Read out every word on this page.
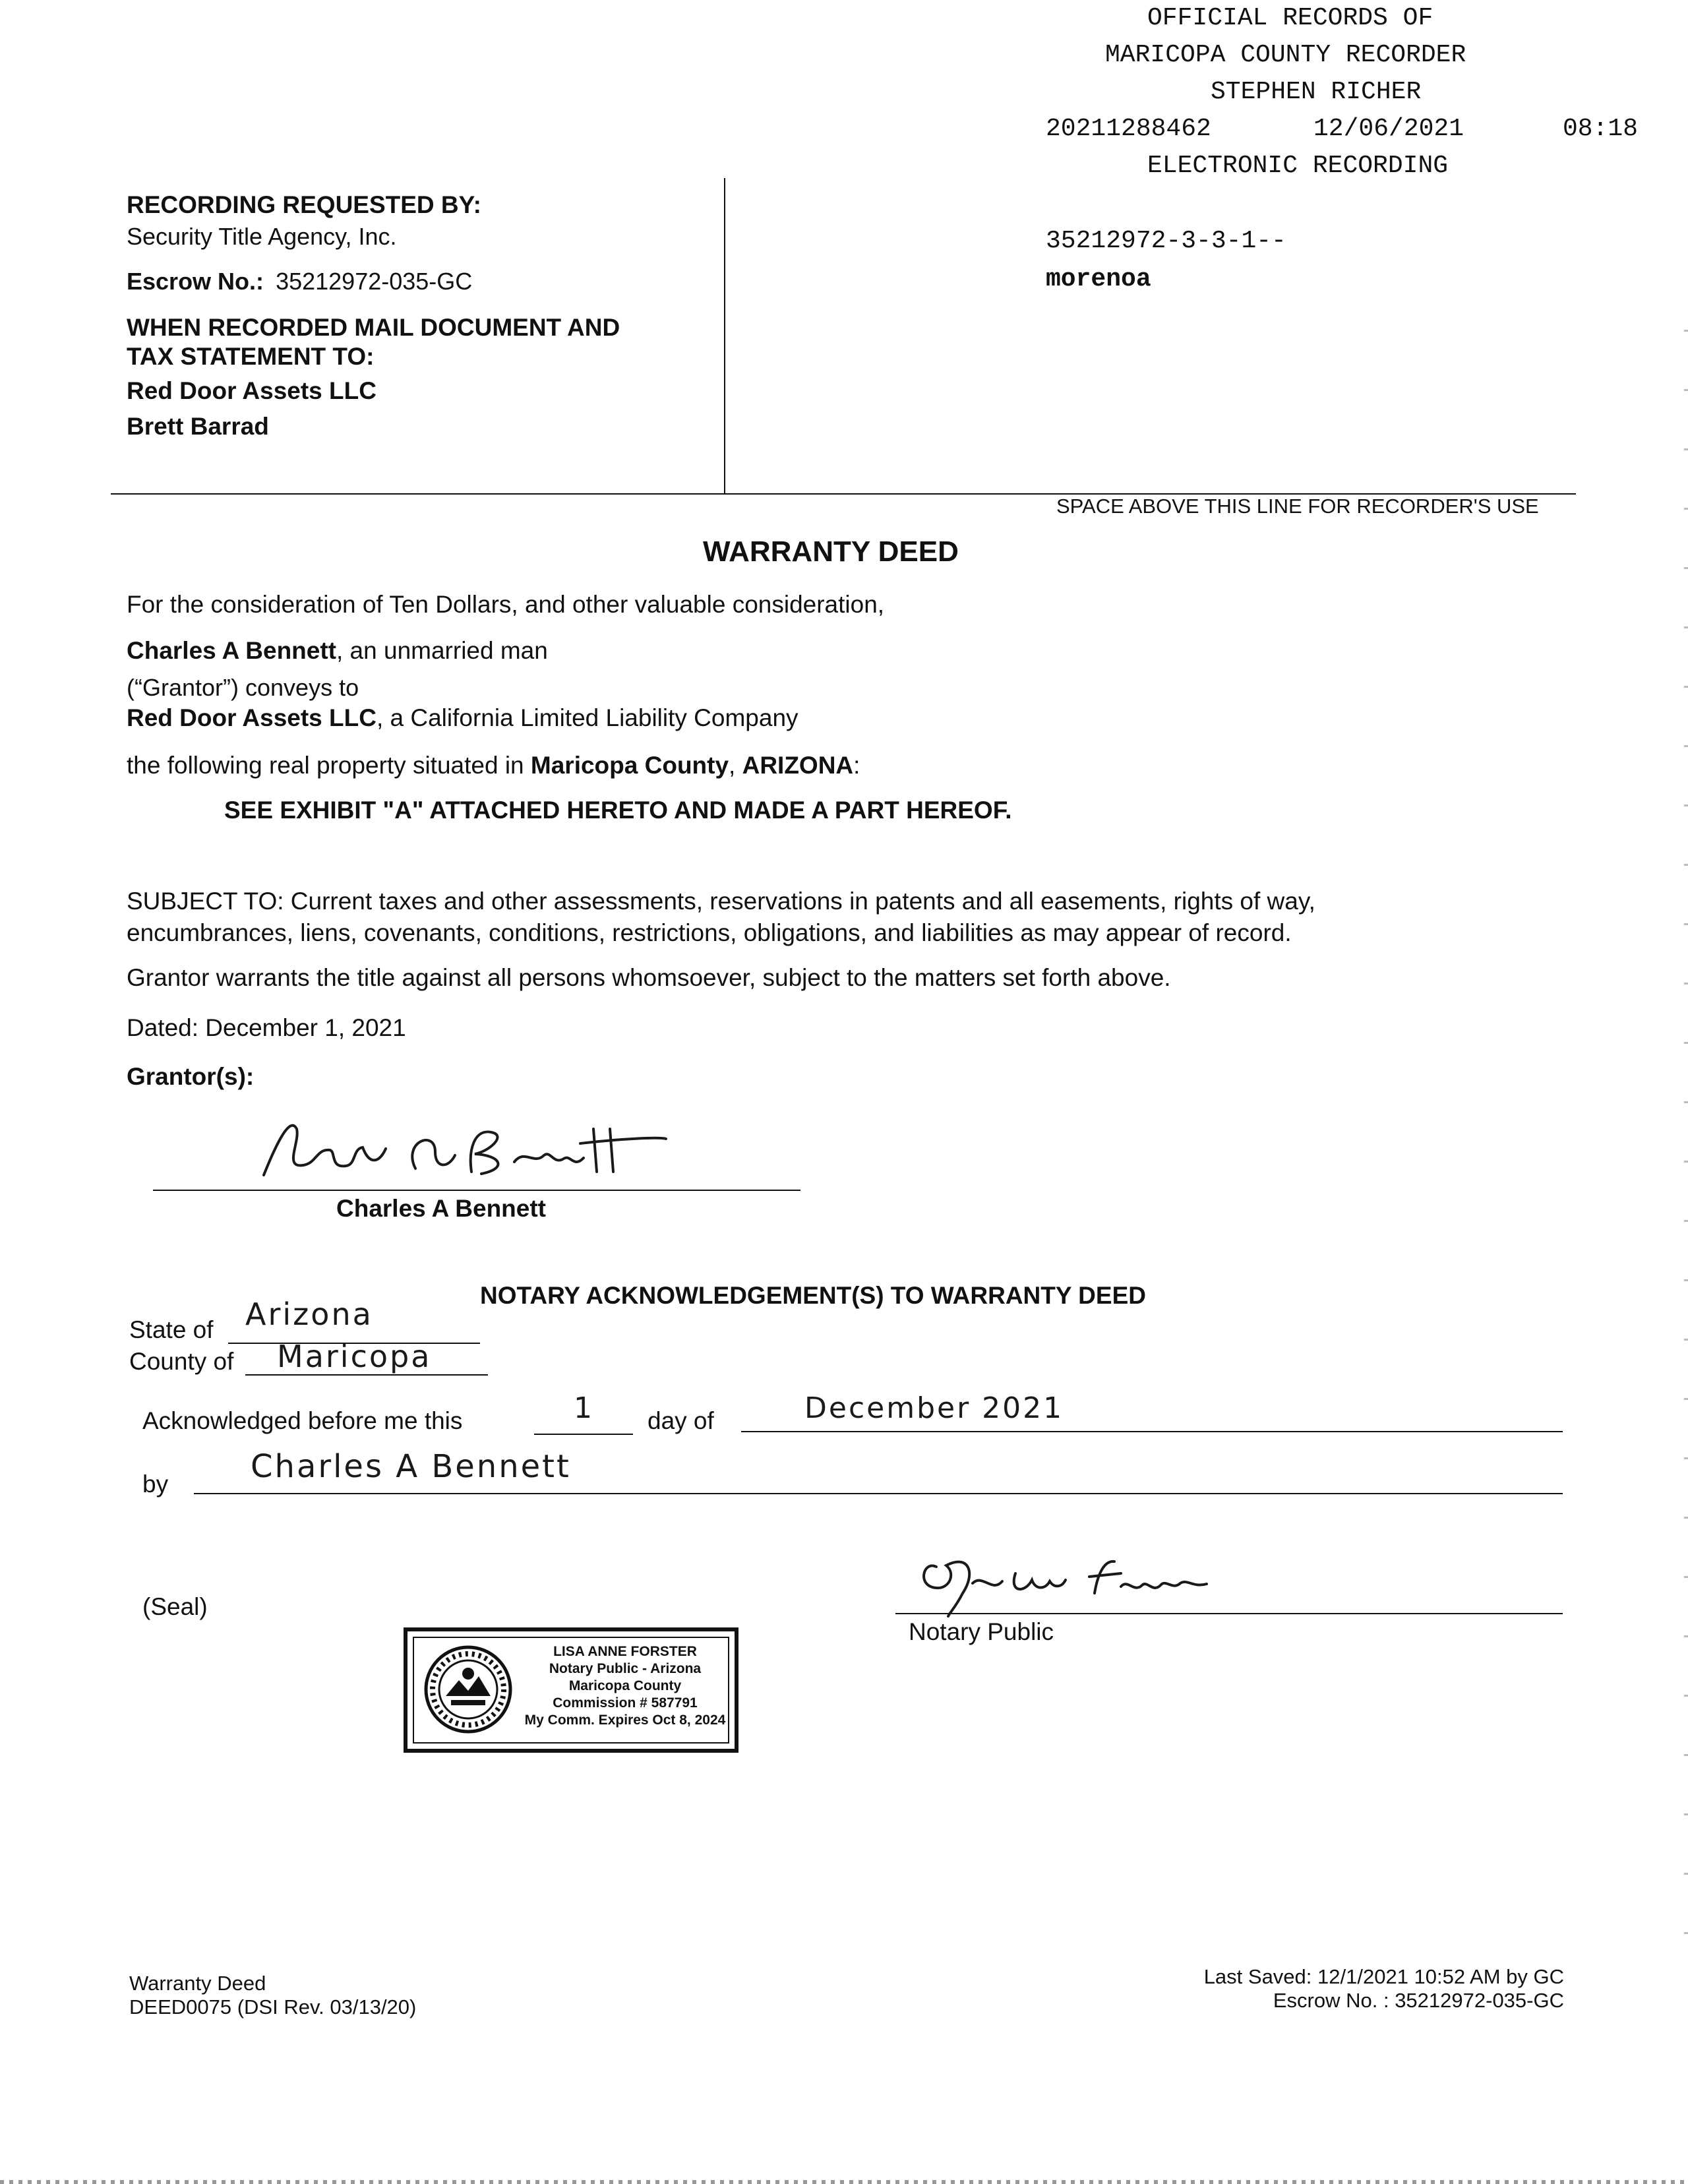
OFFICIAL RECORDS OF
MARICOPA COUNTY RECORDER
STEPHEN RICHER
20211288462	12/06/2021	08:18
ELECTRONIC RECORDING
35212972-3-3-1--
morenoa
RECORDING REQUESTED BY:
Security Title Agency, Inc.
Escrow No.: 35212972-035-GC
WHEN RECORDED MAIL DOCUMENT AND
TAX STATEMENT TO:
Red Door Assets LLC
Brett Barrad
SPACE ABOVE THIS LINE FOR RECORDER'S USE
WARRANTY DEED
For the consideration of Ten Dollars, and other valuable consideration,
Charles A Bennett, an unmarried man
(“Grantor”) conveys to
Red Door Assets LLC, a California Limited Liability Company
the following real property situated in Maricopa County, ARIZONA:
SEE EXHIBIT "A" ATTACHED HERETO AND MADE A PART HEREOF.
SUBJECT TO: Current taxes and other assessments, reservations in patents and all easements, rights of way,
encumbrances, liens, covenants, conditions, restrictions, obligations, and liabilities as may appear of record.
Grantor warrants the title against all persons whomsoever, subject to the matters set forth above.
Dated: December 1, 2021
Grantor(s):
Charles A Bennett
NOTARY ACKNOWLEDGEMENT(S) TO WARRANTY DEED
State of Arizona
County of Maricopa
Acknowledged before me this	1 day of	December 2021
by	Charles A Bennett
(Seal)
Notary Public
LISA ANNE FORSTER
Notary Public - Arizona
Maricopa County
Commission # 587791
My Comm. Expires Oct 8, 2024
Warranty Deed
DEED0075 (DSI Rev. 03/13/20)
Last Saved: 12/1/2021 10:52 AM by GC
Escrow No. : 35212972-035-GC
